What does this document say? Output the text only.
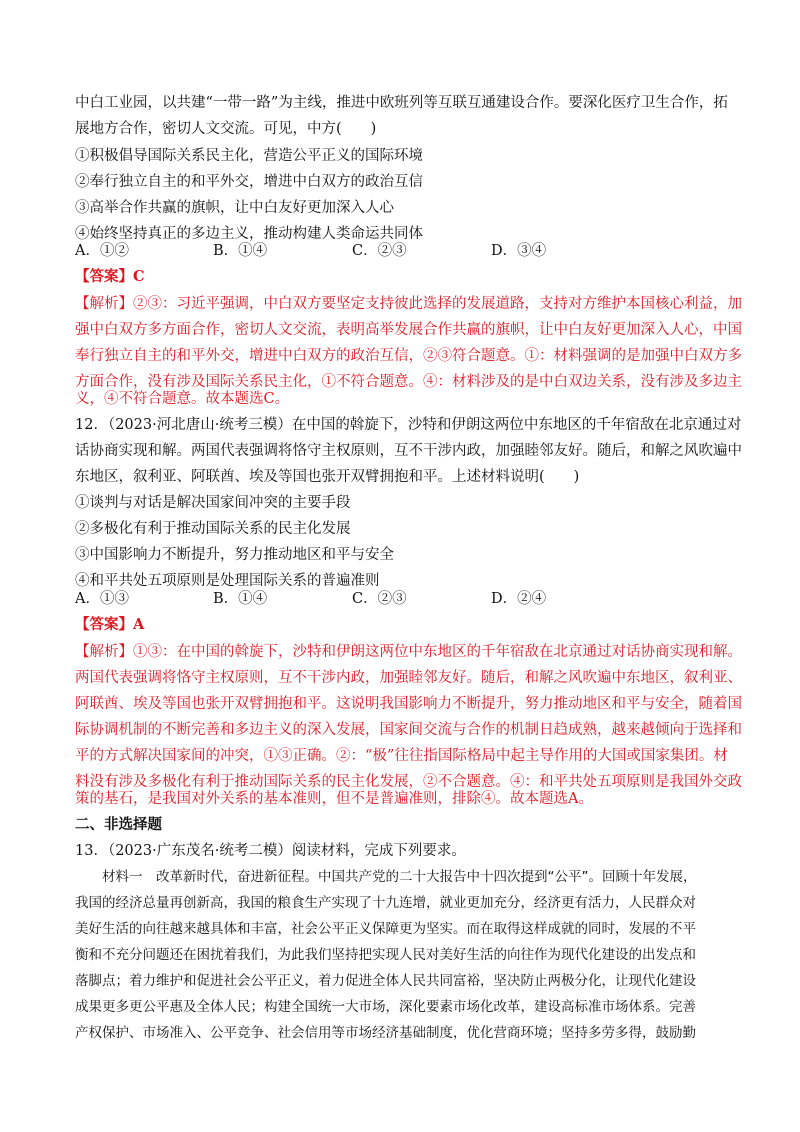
中白工业园，以共建“一带一路”为主线，推进中欧班列等互联互通建设合作。要深化医疗卫生合作，拓
展地方合作，密切人文交流。可见，中方(　　)
①积极倡导国际关系民主化，营造公平正义的国际环境
②奉行独立自主的和平外交，增进中白双方的政治互信
③高举合作共赢的旗帜，让中白友好更加深入人心
④始终坚持真正的多边主义，推动构建人类命运共同体
A．①②	B．①④	C．②③	D．③④
【答案】C
【解析】②③：习近平强调，中白双方要坚定支持彼此选择的发展道路，支持对方维护本国核心利益，加
强中白双方多方面合作，密切人文交流，表明高举发展合作共赢的旗帜，让中白友好更加深入人心，中国
奉行独立自主的和平外交，增进中白双方的政治互信，②③符合题意。①：材料强调的是加强中白双方多
方面合作，没有涉及国际关系民主化，①不符合题意。④：材料涉及的是中白双边关系，没有涉及多边主
义，④不符合题意。故本题选C。
12．（2023·河北唐山·统考三模）在中国的斡旋下，沙特和伊朗这两位中东地区的千年宿敌在北京通过对
话协商实现和解。两国代表强调将恪守主权原则，互不干涉内政，加强睦邻友好。随后，和解之风吹遍中
东地区，叙利亚、阿联酋、埃及等国也张开双臂拥抱和平。上述材料说明(　　)
①谈判与对话是解决国家间冲突的主要手段
②多极化有利于推动国际关系的民主化发展
③中国影响力不断提升，努力推动地区和平与安全
④和平共处五项原则是处理国际关系的普遍准则
A．①③	B．①④	C．②③	D．②④
【答案】A
【解析】①③：在中国的斡旋下，沙特和伊朗这两位中东地区的千年宿敌在北京通过对话协商实现和解。
两国代表强调将恪守主权原则，互不干涉内政，加强睦邻友好。随后，和解之风吹遍中东地区，叙利亚、
阿联酋、埃及等国也张开双臂拥抱和平。这说明我国影响力不断提升，努力推动地区和平与安全，随着国
际协调机制的不断完善和多边主义的深入发展，国家间交流与合作的机制日趋成熟，越来越倾向于选择和
平的方式解决国家间的冲突，①③正确。②：“极”往往指国际格局中起主导作用的大国或国家集团。材
料没有涉及多极化有利于推动国际关系的民主化发展，②不合题意。④：和平共处五项原则是我国外交政
策的基石，是我国对外关系的基本准则，但不是普遍准则，排除④。故本题选A。
二、非选择题
13．（2023·广东茂名·统考二模）阅读材料，完成下列要求。
　　材料一　改革新时代，奋进新征程。中国共产党的二十大报告中十四次提到“公平”。回顾十年发展，
我国的经济总量再创新高，我国的粮食生产实现了十九连增，就业更加充分，经济更有活力，人民群众对
美好生活的向往越来越具体和丰富，社会公平正义保障更为坚实。而在取得这样成就的同时，发展的不平
衡和不充分问题还在困扰着我们，为此我们坚持把实现人民对美好生活的向往作为现代化建设的出发点和
落脚点；着力维护和促进社会公平正义，着力促进全体人民共同富裕，坚决防止两极分化，让现代化建设
成果更多更公平惠及全体人民；构建全国统一大市场，深化要素市场化改革，建设高标准市场体系。完善
产权保护、市场准入、公平竞争、社会信用等市场经济基础制度，优化营商环境；坚持多劳多得，鼓励勤
